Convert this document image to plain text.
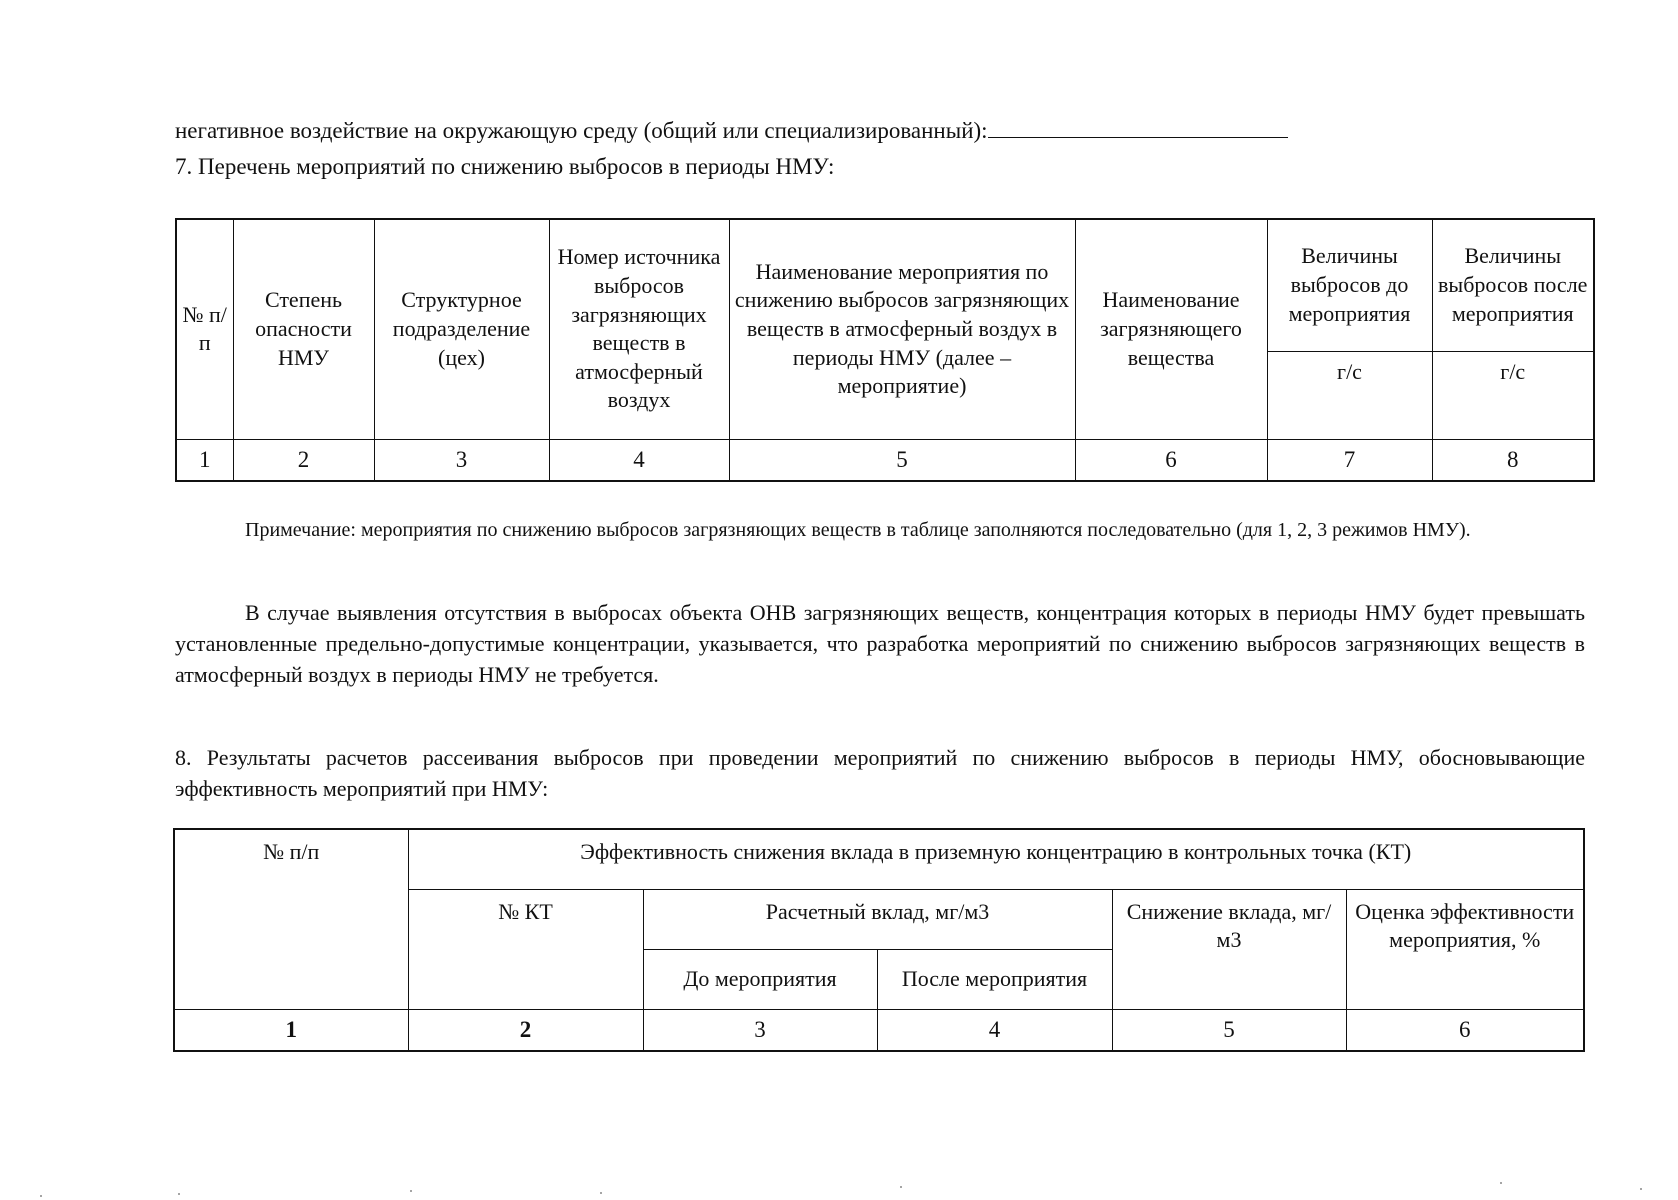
негативное воздействие на окружающую среду (общий или специализированный):
7. Перечень мероприятий по снижению выбросов в периоды НМУ:
№ п/п	Степень опасности НМУ	Структурное подразделение (цех)	Номер источника выбросов загрязняющих веществ в атмосферный воздух	Наименование мероприятия по снижению выбросов загрязняющих веществ в атмосферный воздух в периоды НМУ (далее – мероприятие)	Наименование загрязняющего вещества	Величины выбросов до мероприятия	Величины выбросов после мероприятия
						г/с	г/с
1	2	3	4	5	6	7	8
Примечание: мероприятия по снижению выбросов загрязняющих веществ в таблице заполняются последовательно (для 1, 2, 3 режимов НМУ).

В случае выявления отсутствия в выбросах объекта ОНВ загрязняющих веществ, концентрация которых в периоды НМУ будет превышать установленные предельно-допустимые концентрации, указывается, что разработка мероприятий по снижению выбросов загрязняющих веществ в атмосферный воздух в периоды НМУ не требуется.

8. Результаты расчетов рассеивания выбросов при проведении мероприятий по снижению выбросов в периоды НМУ, обосновывающие эффективность мероприятий при НМУ:
№ п/п	Эффективность снижения вклада в приземную концентрацию в контрольных точка (КТ)				
	№ КТ	Расчетный вклад, мг/м3		Снижение вклада, мг/м3	Оценка эффективности мероприятия, %
		До мероприятия	После мероприятия		
1	2	3	4	5	6
